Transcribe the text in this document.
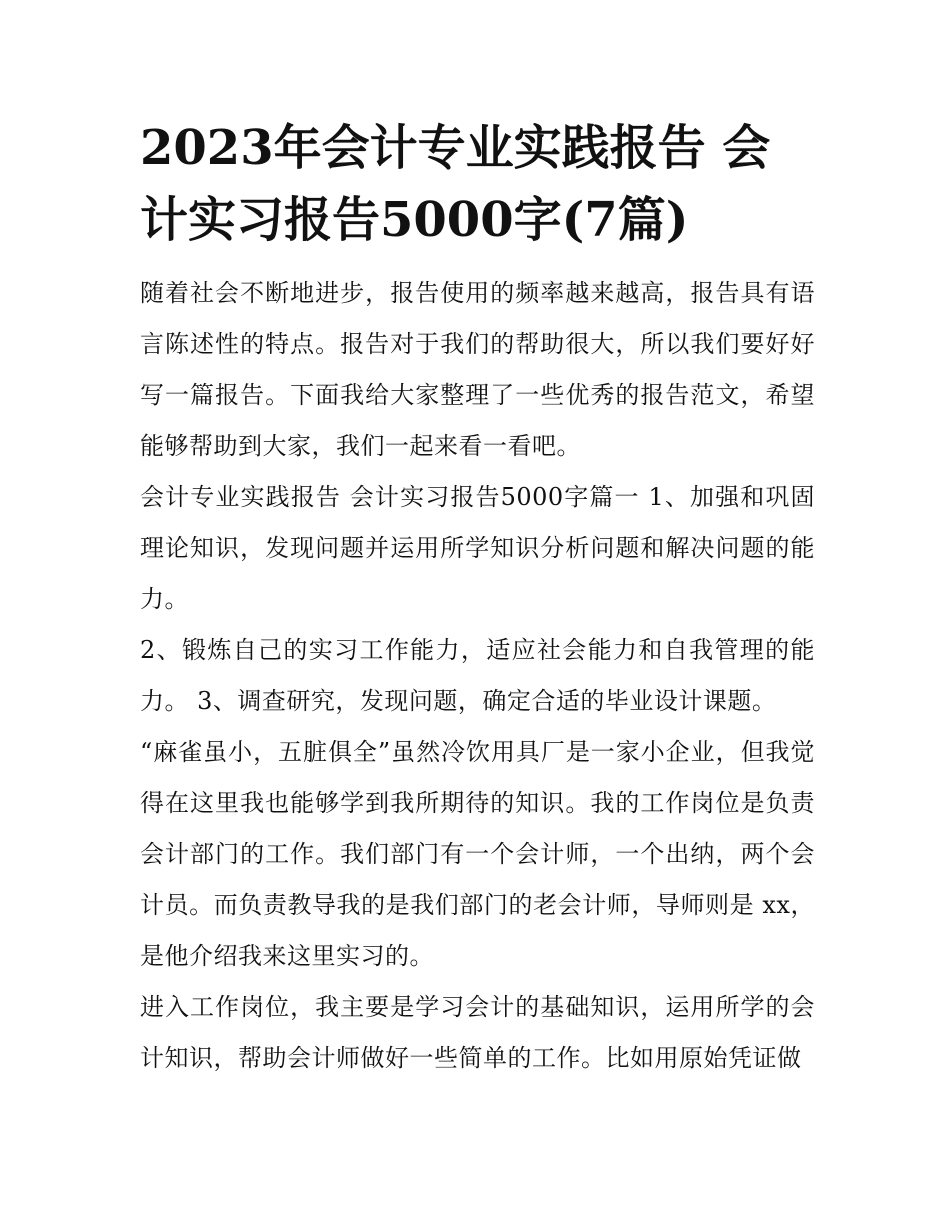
2023年会计专业实践报告 会计实习报告5000字(7篇)

随着社会不断地进步，报告使用的频率越来越高，报告具有语言陈述性的特点。报告对于我们的帮助很大，所以我们要好好写一篇报告。下面我给大家整理了一些优秀的报告范文，希望能够帮助到大家，我们一起来看一看吧。

会计专业实践报告 会计实习报告5000字篇一 1、加强和巩固理论知识，发现问题并运用所学知识分析问题和解决问题的能力。

2、锻炼自己的实习工作能力，适应社会能力和自我管理的能力。 3、调查研究，发现问题，确定合适的毕业设计课题。

“麻雀虽小，五脏俱全”虽然冷饮用具厂是一家小企业，但我觉得在这里我也能够学到我所期待的知识。我的工作岗位是负责会计部门的工作。我们部门有一个会计师，一个出纳，两个会计员。而负责教导我的是我们部门的老会计师，导师则是 xx，是他介绍我来这里实习的。

进入工作岗位，我主要是学习会计的基础知识，运用所学的会计知识，帮助会计师做好一些简单的工作。比如用原始凭证做
